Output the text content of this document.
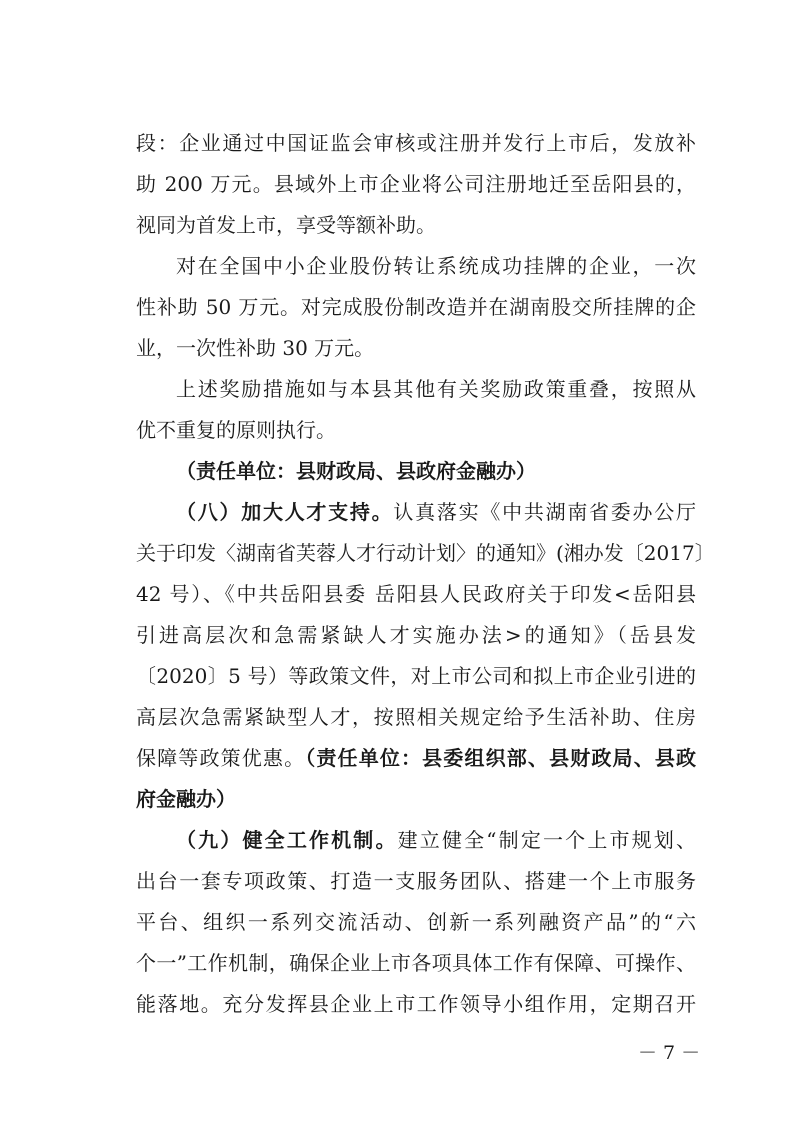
段：企业通过中国证监会审核或注册并发行上市后，发放补
助 200 万元。县域外上市企业将公司注册地迁至岳阳县的，
视同为首发上市，享受等额补助。
对在全国中小企业股份转让系统成功挂牌的企业，一次
性补助 50 万元。对完成股份制改造并在湖南股交所挂牌的企
业，一次性补助 30 万元。
上述奖励措施如与本县其他有关奖励政策重叠，按照从
优不重复的原则执行。
（责任单位：县财政局、县政府金融办）
（八）加大人才支持。认真落实《中共湖南省委办公厅
关于印发〈湖南省芙蓉人才行动计划〉的通知》(湘办发〔2017〕
42 号）、《中共岳阳县委 岳阳县人民政府关于印发<岳阳县
引进高层次和急需紧缺人才实施办法>的通知》（岳县发
〔2020〕5 号）等政策文件，对上市公司和拟上市企业引进的
高层次急需紧缺型人才，按照相关规定给予生活补助、住房
保障等政策优惠。（责任单位：县委组织部、县财政局、县政
府金融办）
（九）健全工作机制。建立健全“制定一个上市规划、
出台一套专项政策、打造一支服务团队、搭建一个上市服务
平台、组织一系列交流活动、创新一系列融资产品”的“六
个一”工作机制，确保企业上市各项具体工作有保障、可操作、
能落地。充分发挥县企业上市工作领导小组作用，定期召开
－ 7 －
